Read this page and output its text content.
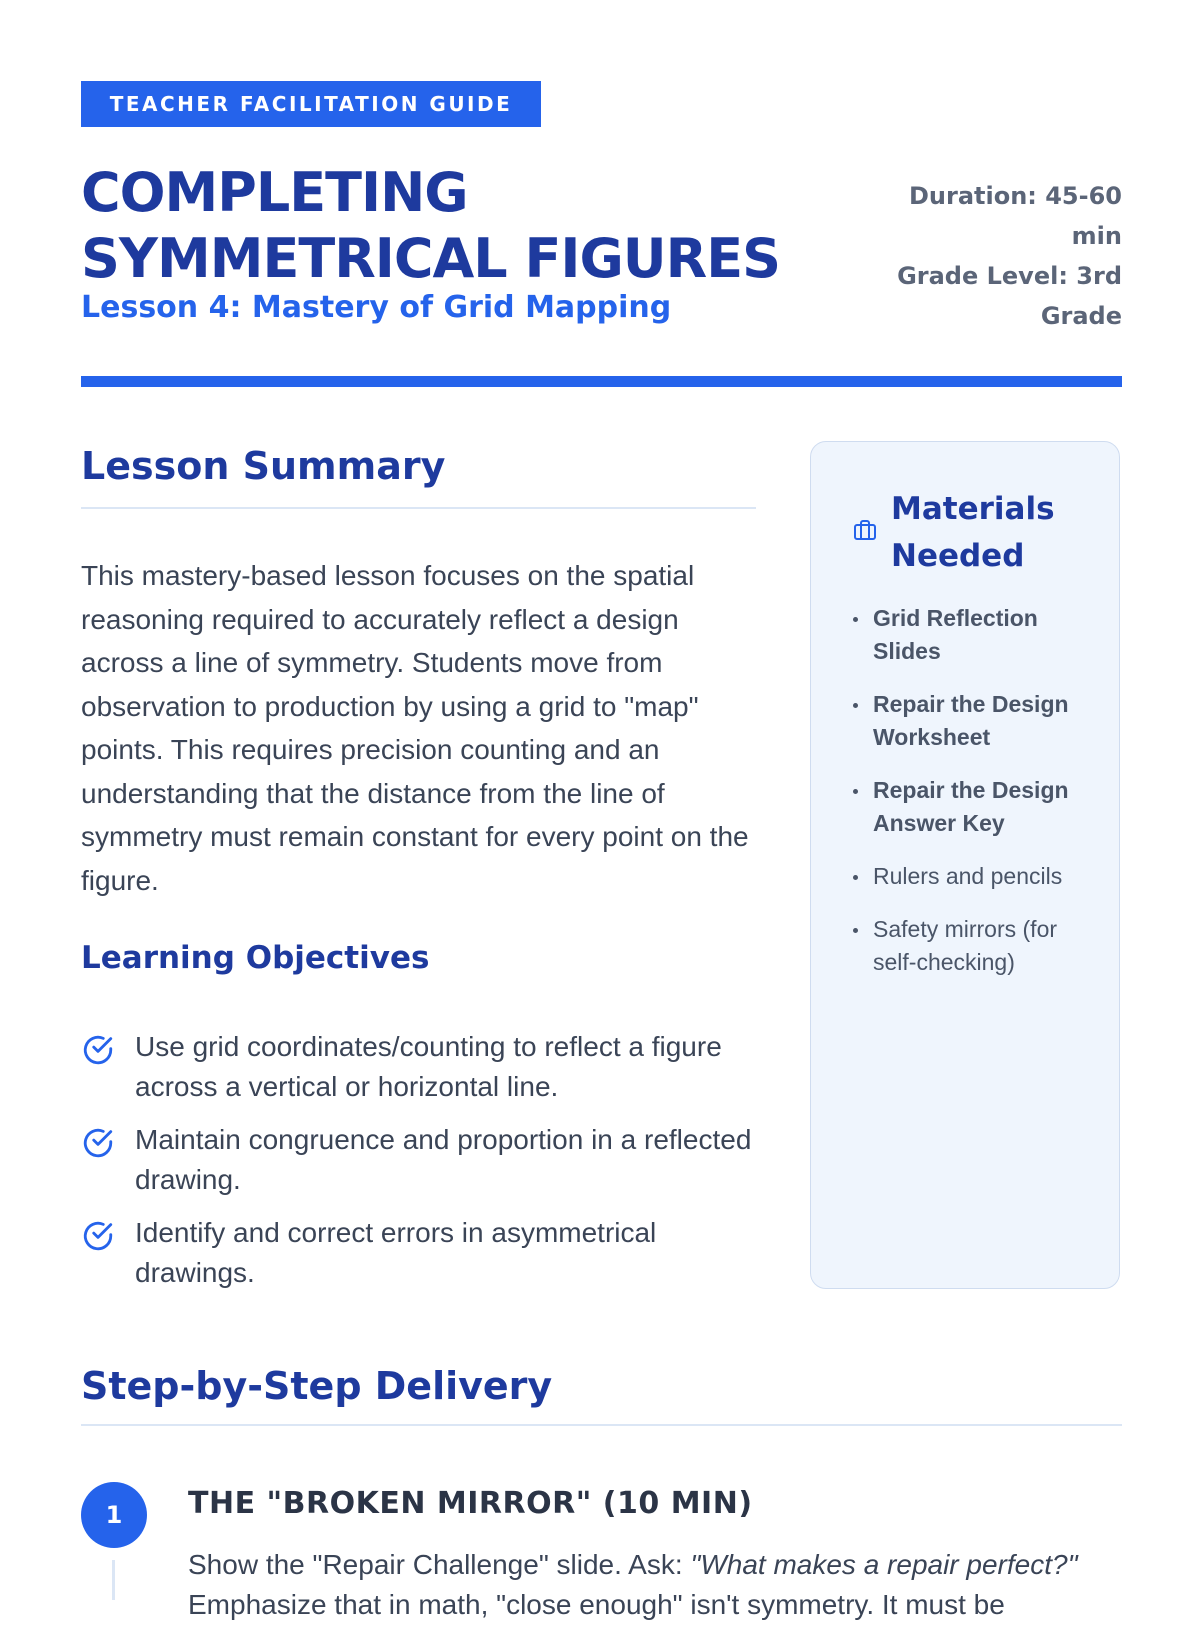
TEACHER FACILITATION GUIDE
COMPLETING
SYMMETRICAL FIGURES
Lesson 4: Mastery of Grid Mapping
Duration: 45-60 min
Grade Level: 3rd Grade
Lesson Summary

This mastery-based lesson focuses on the spatial reasoning required to accurately reflect a design across a line of symmetry. Students move from observation to production by using a grid to "map" points. This requires precision counting and an understanding that the distance from the line of symmetry must remain constant for every point on the figure.

Learning Objectives
Use grid coordinates/counting to reflect a figure across a vertical or horizontal line.
Maintain congruence and proportion in a reflected drawing.
Identify and correct errors in asymmetrical drawings.
Materials Needed
Grid Reflection Slides
Repair the Design Worksheet
Repair the Design Answer Key
Rulers and pencils
Safety mirrors (for self-checking)
Step-by-Step Delivery
1	THE "BROKEN MIRROR" (10 MIN)

Show the "Repair Challenge" slide. Ask: "What makes a repair perfect?"
Emphasize that in math, "close enough" isn't symmetry. It must be
